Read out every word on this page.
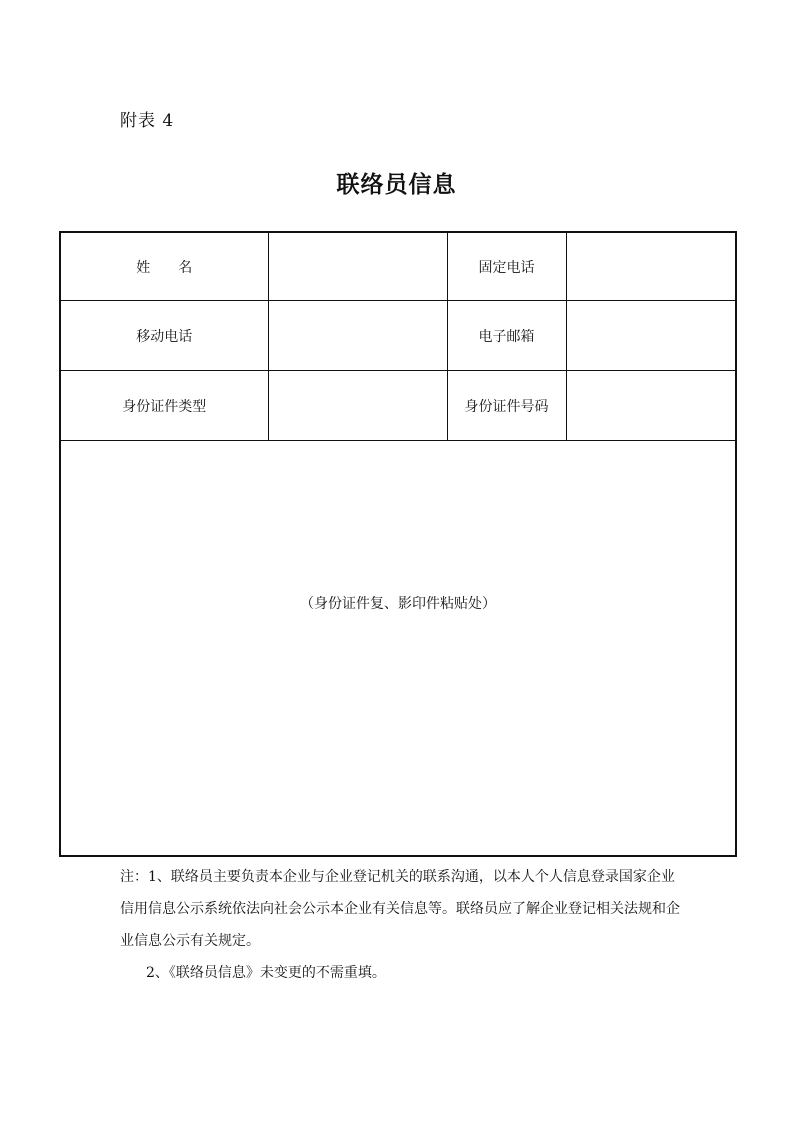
附表 4
联络员信息
姓 名		固定电话	
移动电话		电子邮箱	
身份证件类型		身份证件号码	
（身份证件复、影印件粘贴处）			

注：1、联络员主要负责本企业与企业登记机关的联系沟通，以本人个人信息登录国家企业

信用信息公示系统依法向社会公示本企业有关信息等。联络员应了解企业登记相关法规和企

业信息公示有关规定。

2、《联络员信息》未变更的不需重填。
